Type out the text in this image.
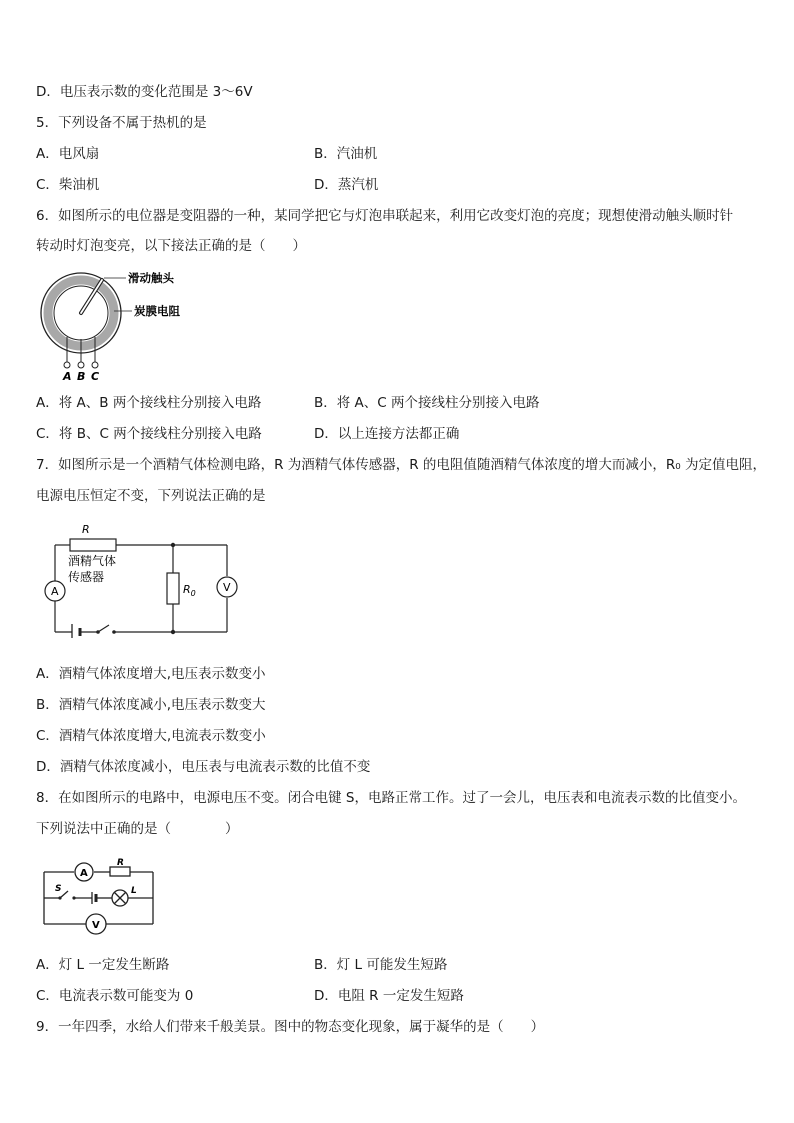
D．电压表示数的变化范围是 3～6V
5．下列设备不属于热机的是
A．电风扇	B．汽油机
C．柴油机	D．蒸汽机
6．如图所示的电位器是变阻器的一种，某同学把它与灯泡串联起来，利用它改变灯泡的亮度；现想使滑动触头顺时针
转动时灯泡变亮，以下接法正确的是（　　）
滑动触头
炭膜电阻
A B C
A．将 A、B 两个接线柱分别接入电路	B．将 A、C 两个接线柱分别接入电路
C．将 B、C 两个接线柱分别接入电路	D．以上连接方法都正确
7．如图所示是一个酒精气体检测电路，R 为酒精气体传感器，R 的电阻值随酒精气体浓度的增大而减小，R₀ 为定值电阻，
电源电压恒定不变，下列说法正确的是
R
酒精气体
传感器
$R_0$
A	V
A．酒精气体浓度增大,电压表示数变小
B．酒精气体浓度减小,电压表示数变大
C．酒精气体浓度增大,电流表示数变小
D．酒精气体浓度减小，电压表与电流表示数的比值不变
8．在如图所示的电路中，电源电压不变。闭合电键 S，电路正常工作。过了一会儿，电压表和电流表示数的比值变小。
下列说法中正确的是（　　　　）
A
V
R
S	L
A．灯 L 一定发生断路	B．灯 L 可能发生短路
C．电流表示数可能变为 0	D．电阻 R 一定发生短路
9．一年四季，水给人们带来千般美景。图中的物态变化现象，属于凝华的是（　　）
